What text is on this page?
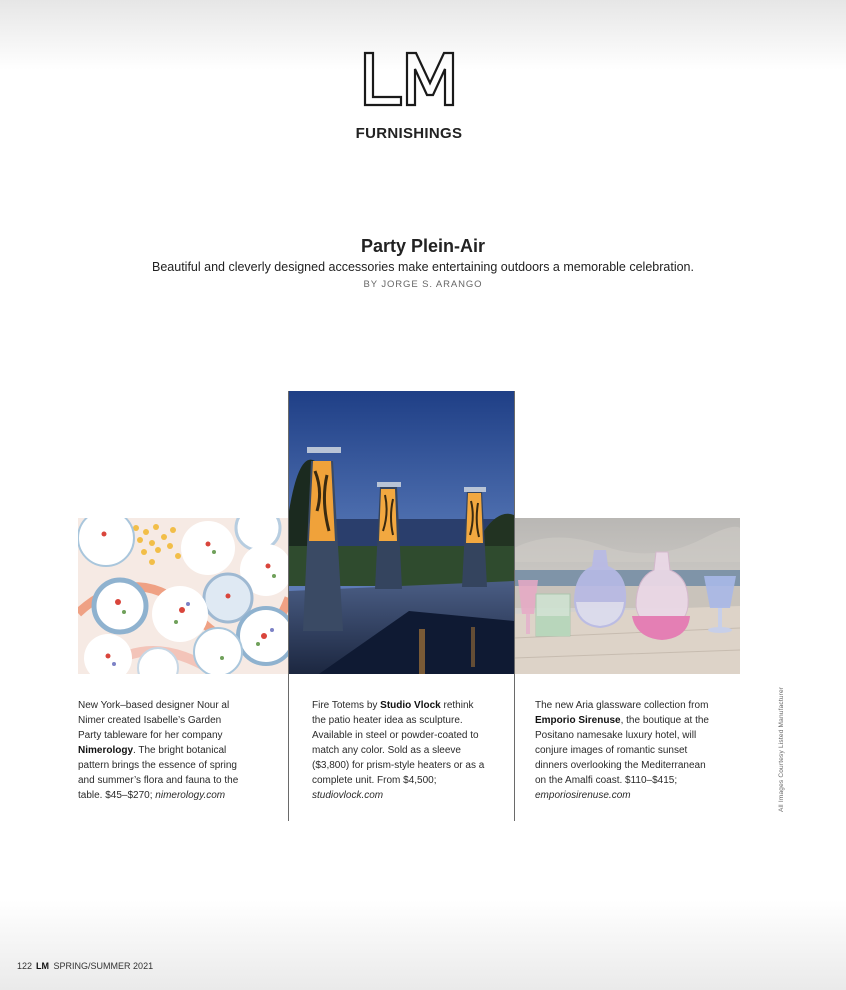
FURNISHINGS
Party Plein-Air
Beautiful and cleverly designed accessories make entertaining outdoors a memorable celebration.
BY JORGE S. ARANGO
New York–based designer Nour al Nimer created Isabelle’s Garden Party tableware for her company Nimerology. The bright botanical pattern brings the essence of spring and summer’s flora and fauna to the table. $45–$270; nimerology.com
Fire Totems by Studio Vlock rethink the patio heater idea as sculpture. Available in steel or powder-coated to match any color. Sold as a sleeve ($3,800) for prism-style heaters or as a complete unit. From $4,500; studiovlock.com
The new Aria glassware collection from Emporio Sirenuse, the boutique at the Positano namesake luxury hotel, will conjure images of romantic sunset dinners overlooking the Mediterranean on the Amalfi coast. $110–$415; emporiosirenuse.com	All Images Courtesy Listed Manufacturer
122 LM SPRING/SUMMER 2021
